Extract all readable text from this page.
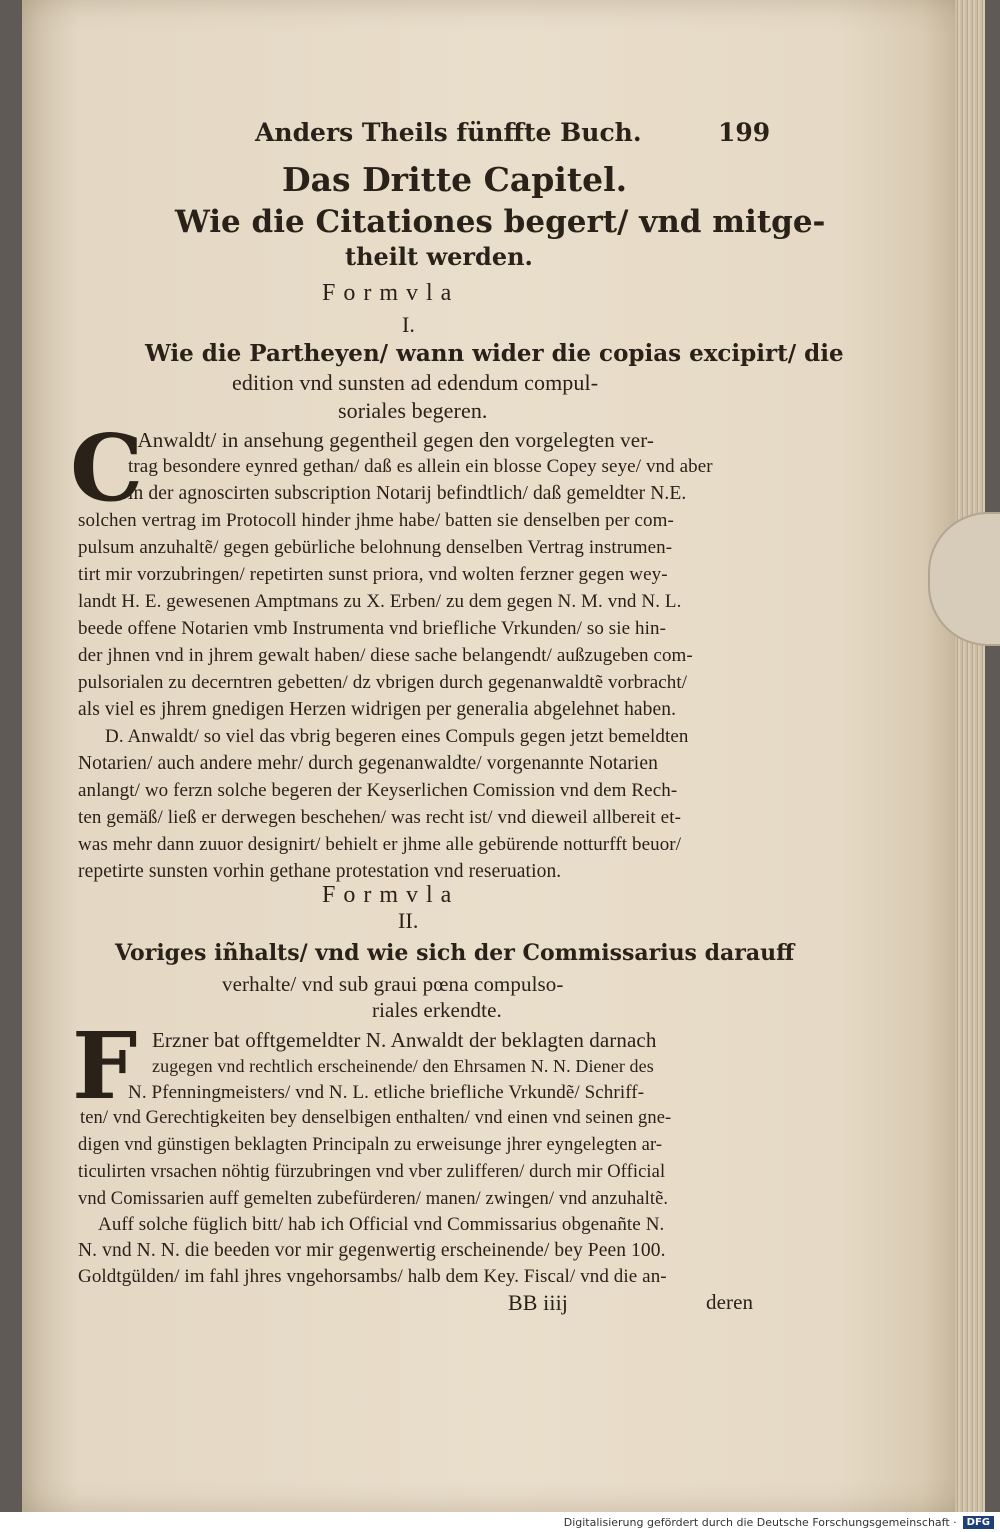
Anders Theils fünffte Buch.	199
Das Dritte Capitel.
Wie die Citationes begert/ vnd mitge-
theilt werden.
Formvla
I.
Wie die Partheyen/ wann wider die copias excipirt/ die
edition vnd sunsten ad edendum compul-
soriales begeren.
C
. Anwaldt/ in ansehung gegentheil gegen den vorgelegten ver-
trag besondere eynred gethan/ daß es allein ein blosse Copey seye/ vnd aber
in der agnoscirten subscription Notarij befindtlich/ daß gemeldter N.E.
solchen vertrag im Protocoll hinder jhme habe/ batten sie denselben per com-
pulsum anzuhaltẽ/ gegen gebürliche belohnung denselben Vertrag instrumen-
tirt mir vorzubringen/ repetirten sunst priora, vnd wolten ferzner gegen wey-
landt H. E. gewesenen Amptmans zu X. Erben/ zu dem gegen N. M. vnd N. L.
beede offene Notarien vmb Instrumenta vnd briefliche Vrkunden/ so sie hin-
der jhnen vnd in jhrem gewalt haben/ diese sache belangendt/ außzugeben com-
pulsorialen zu decerntren gebetten/ dz vbrigen durch gegenanwaldtẽ vorbracht/
als viel es jhrem gnedigen Herzen widrigen per generalia abgelehnet haben.
D. Anwaldt/ so viel das vbrig begeren eines Compuls gegen jetzt bemeldten
Notarien/ auch andere mehr/ durch gegenanwaldte/ vorgenannte Notarien
anlangt/ wo ferzn solche begeren der Keyserlichen Comission vnd dem Rech-
ten gemäß/ ließ er derwegen beschehen/ was recht ist/ vnd dieweil allbereit et-
was mehr dann zuuor designirt/ behielt er jhme alle gebürende notturfft beuor/
repetirte sunsten vorhin gethane protestation vnd reseruation.
Formvla
II.
Voriges iñhalts/ vnd wie sich der Commissarius darauff
verhalte/ vnd sub graui pœna compulso-
riales erkendte.
F Erzner bat offtgemeldter N. Anwaldt der beklagten darnach
zugegen vnd rechtlich erscheinende/ den Ehrsamen N. N. Diener des
N. Pfenningmeisters/ vnd N. L. etliche briefliche Vrkundẽ/ Schriff-
ten/ vnd Gerechtigkeiten bey denselbigen enthalten/ vnd einen vnd seinen gne-
digen vnd günstigen beklagten Principaln zu erweisunge jhrer eyngelegten ar-
ticulirten vrsachen nöhtig fürzubringen vnd vber zulifferen/ durch mir Official
vnd Comissarien auff gemelten zubefürderen/ manen/ zwingen/ vnd anzuhaltẽ.
Auff solche füglich bitt/ hab ich Official vnd Commissarius obgenañte N.
N. vnd N. N. die beeden vor mir gegenwertig erscheinende/ bey Peen 100.
Goldtgülden/ im fahl jhres vngehorsambs/ halb dem Key. Fiscal/ vnd die an-
BB iiij	deren
Digitalisierung gefördert durch die Deutsche Forschungsgemeinschaft ·	DFG
